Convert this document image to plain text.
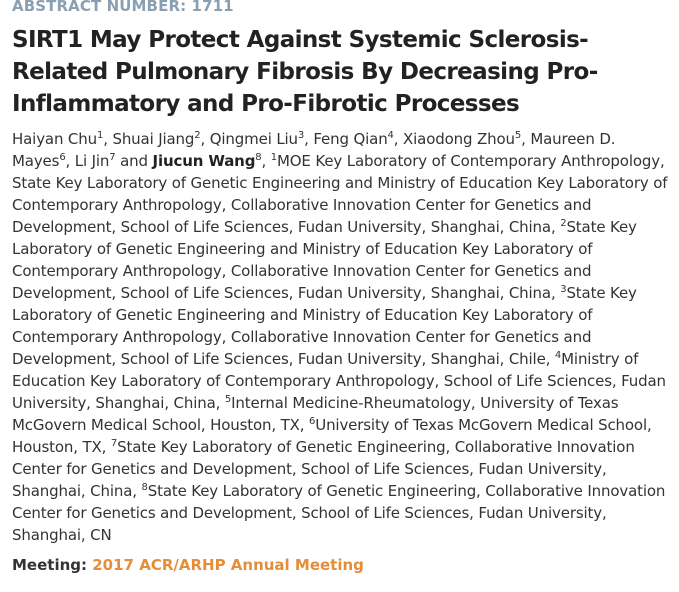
ABSTRACT NUMBER: 1711
SIRT1 May Protect Against Systemic Sclerosis-Related Pulmonary Fibrosis By Decreasing Pro-Inflammatory and Pro-Fibrotic Processes
Haiyan Chu$^1$, Shuai Jiang$^2$, Qingmei Liu$^3$, Feng Qian$^4$, Xiaodong Zhou$^5$, Maureen D. Mayes$^6$, Li Jin$^7$ and Jiucun Wang$^8$, $^1$MOE Key Laboratory of Contemporary Anthropology, State Key Laboratory of Genetic Engineering and Ministry of Education Key Laboratory of Contemporary Anthropology, Collaborative Innovation Center for Genetics and Development, School of Life Sciences, Fudan University, Shanghai, China, $^2$State Key Laboratory of Genetic Engineering and Ministry of Education Key Laboratory of Contemporary Anthropology, Collaborative Innovation Center for Genetics and Development, School of Life Sciences, Fudan University, Shanghai, China, $^3$State Key Laboratory of Genetic Engineering and Ministry of Education Key Laboratory of Contemporary Anthropology, Collaborative Innovation Center for Genetics and Development, School of Life Sciences, Fudan University, Shanghai, Chile, $^4$Ministry of Education Key Laboratory of Contemporary Anthropology, School of Life Sciences, Fudan University, Shanghai, China, $^5$Internal Medicine-Rheumatology, University of Texas McGovern Medical School, Houston, TX, $^6$University of Texas McGovern Medical School, Houston, TX, $^7$State Key Laboratory of Genetic Engineering, Collaborative Innovation Center for Genetics and Development, School of Life Sciences, Fudan University, Shanghai, China, $^8$State Key Laboratory of Genetic Engineering, Collaborative Innovation Center for Genetics and Development, School of Life Sciences, Fudan University, Shanghai, CN
Meeting: 2017 ACR/ARHP Annual Meeting
